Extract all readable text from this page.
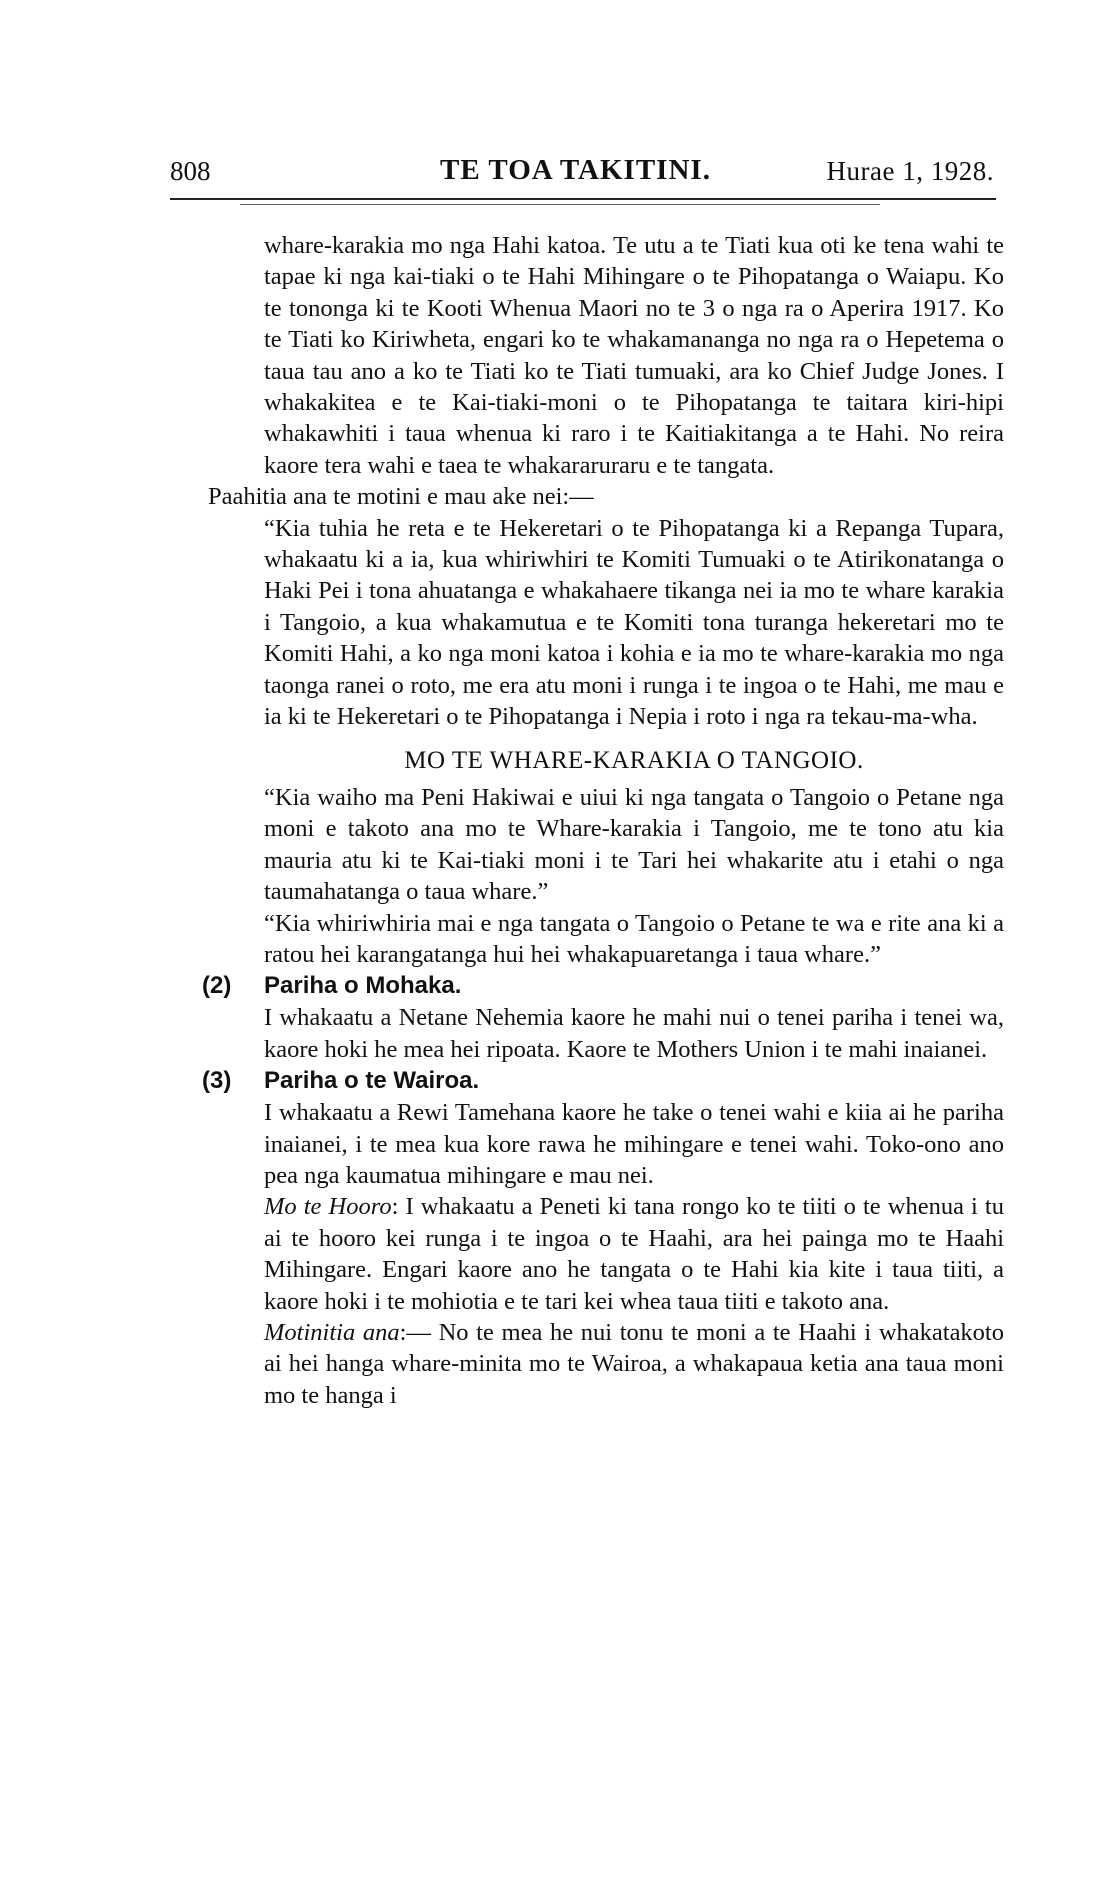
808	TE TOA TAKITINI.	Hurae 1, 1928.

whare-karakia mo nga Hahi katoa. Te utu a te Tiati kua oti ke tena wahi te tapae ki nga kai-tiaki o te Hahi Mihingare o te Pihopatanga o Waiapu. Ko te tononga ki te Kooti Whenua Maori no te 3 o nga ra o Aperira 1917. Ko te Tiati ko Kiriwheta, engari ko te whakamananga no nga ra o Hepetema o taua tau ano a ko te Tiati ko te Tiati tumuaki, ara ko Chief Judge Jones. I whakakitea e te Kai-tiaki-moni o te Pihopatanga te taitara kiri-hipi whakawhiti i taua whenua ki raro i te Kaitiakitanga a te Hahi. No reira kaore tera wahi e taea te whakararuraru e te tangata.

Paahitia ana te motini e mau ake nei:—

“Kia tuhia he reta e te Hekeretari o te Pihopatanga ki a Repanga Tupara, whakaatu ki a ia, kua whiriwhiri te Komiti Tumuaki o te Atirikonatanga o Haki Pei i tona ahuatanga e whakahaere tikanga nei ia mo te whare karakia i Tangoio, a kua whakamutua e te Komiti tona turanga hekeretari mo te Komiti Hahi, a ko nga moni katoa i kohia e ia mo te whare-karakia mo nga taonga ranei o roto, me era atu moni i runga i te ingoa o te Hahi, me mau e ia ki te Hekeretari o te Pihopatanga i Nepia i roto i nga ra tekau-ma-wha.

MO TE WHARE-KARAKIA O TANGOIO.

“Kia waiho ma Peni Hakiwai e uiui ki nga tangata o Tangoio o Petane nga moni e takoto ana mo te Whare-karakia i Tangoio, me te tono atu kia mauria atu ki te Kai-tiaki moni i te Tari hei whakarite atu i etahi o nga taumahatanga o taua whare.”

“Kia whiriwhiria mai e nga tangata o Tangoio o Petane te wa e rite ana ki a ratou hei karangatanga hui hei whakapuaretanga i taua whare.”

(2) Pariha o Mohaka.

I whakaatu a Netane Nehemia kaore he mahi nui o tenei pariha i tenei wa, kaore hoki he mea hei ripoata. Kaore te Mothers Union i te mahi inaianei.

(3) Pariha o te Wairoa.

I whakaatu a Rewi Tamehana kaore he take o tenei wahi e kiia ai he pariha inaianei, i te mea kua kore rawa he mihingare e tenei wahi. Toko-ono ano pea nga kaumatua mihingare e mau nei.

Mo te Hooro: I whakaatu a Peneti ki tana rongo ko te tiiti o te whenua i tu ai te hooro kei runga i te ingoa o te Haahi, ara hei painga mo te Haahi Mihingare. Engari kaore ano he tangata o te Hahi kia kite i taua tiiti, a kaore hoki i te mohiotia e te tari kei whea taua tiiti e takoto ana.

Motinitia ana:— No te mea he nui tonu te moni a te Haahi i whakatakoto ai hei hanga whare-minita mo te Wairoa, a whakapaua ketia ana taua moni mo te hanga i
